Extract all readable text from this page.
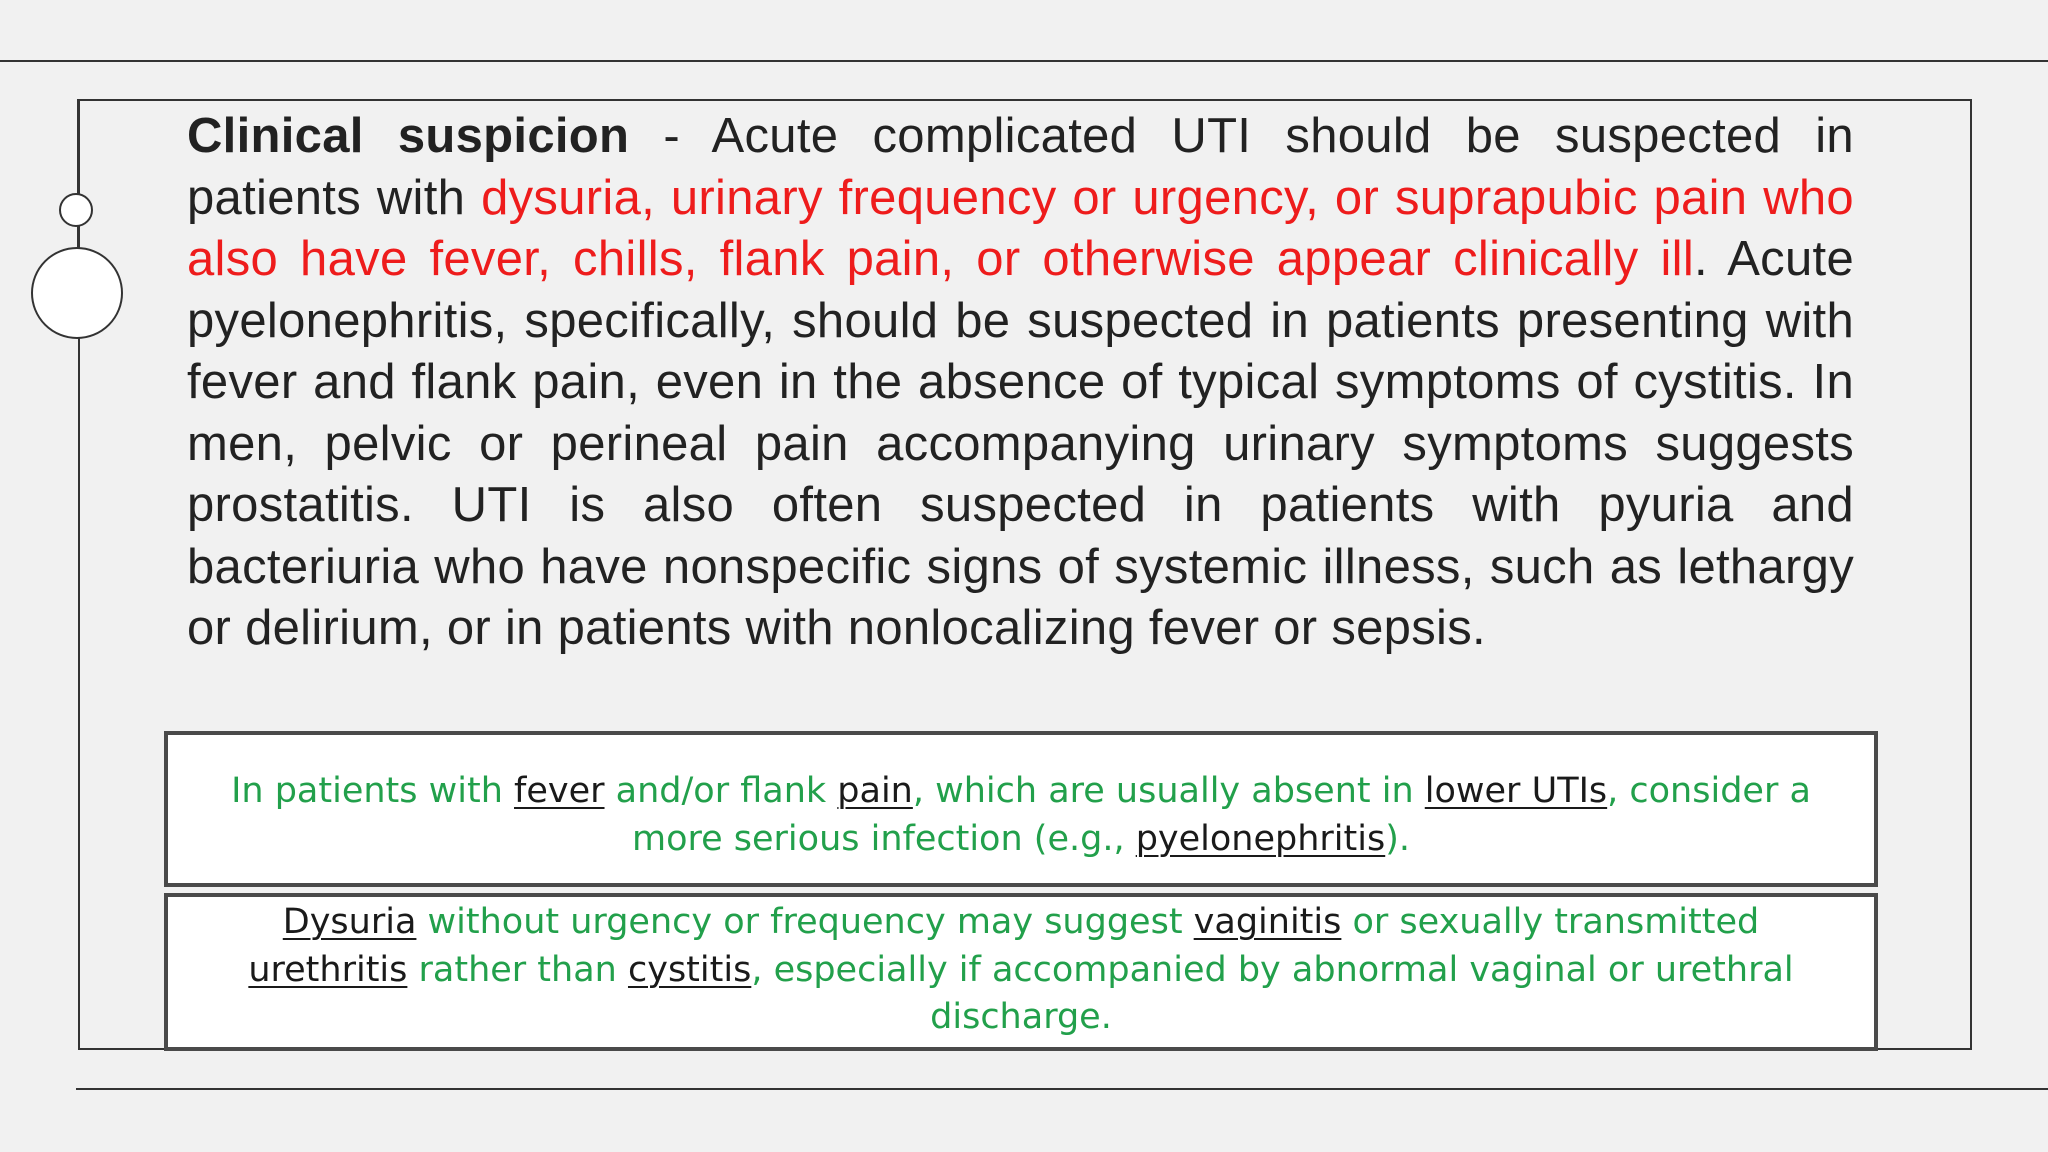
Clinical suspicion - Acute complicated UTI should be suspected in patients with dysuria, urinary frequency or urgency, or suprapubic pain who also have fever, chills, flank pain, or otherwise appear clinically ill. Acute pyelonephritis, specifically, should be suspected in patients presenting with fever and flank pain, even in the absence of typical symptoms of cystitis. In men, pelvic or perineal pain accompanying urinary symptoms suggests prostatitis. UTI is also often suspected in patients with pyuria and bacteriuria who have nonspecific signs of systemic illness, such as lethargy or delirium, or in patients with nonlocalizing fever or sepsis.

In patients with fever and/or flank pain, which are usually absent in lower UTIs, consider a more serious infection (e.g., pyelonephritis).
Dysuria without urgency or frequency may suggest vaginitis or sexually transmitted urethritis rather than cystitis, especially if accompanied by abnormal vaginal or urethral discharge.
